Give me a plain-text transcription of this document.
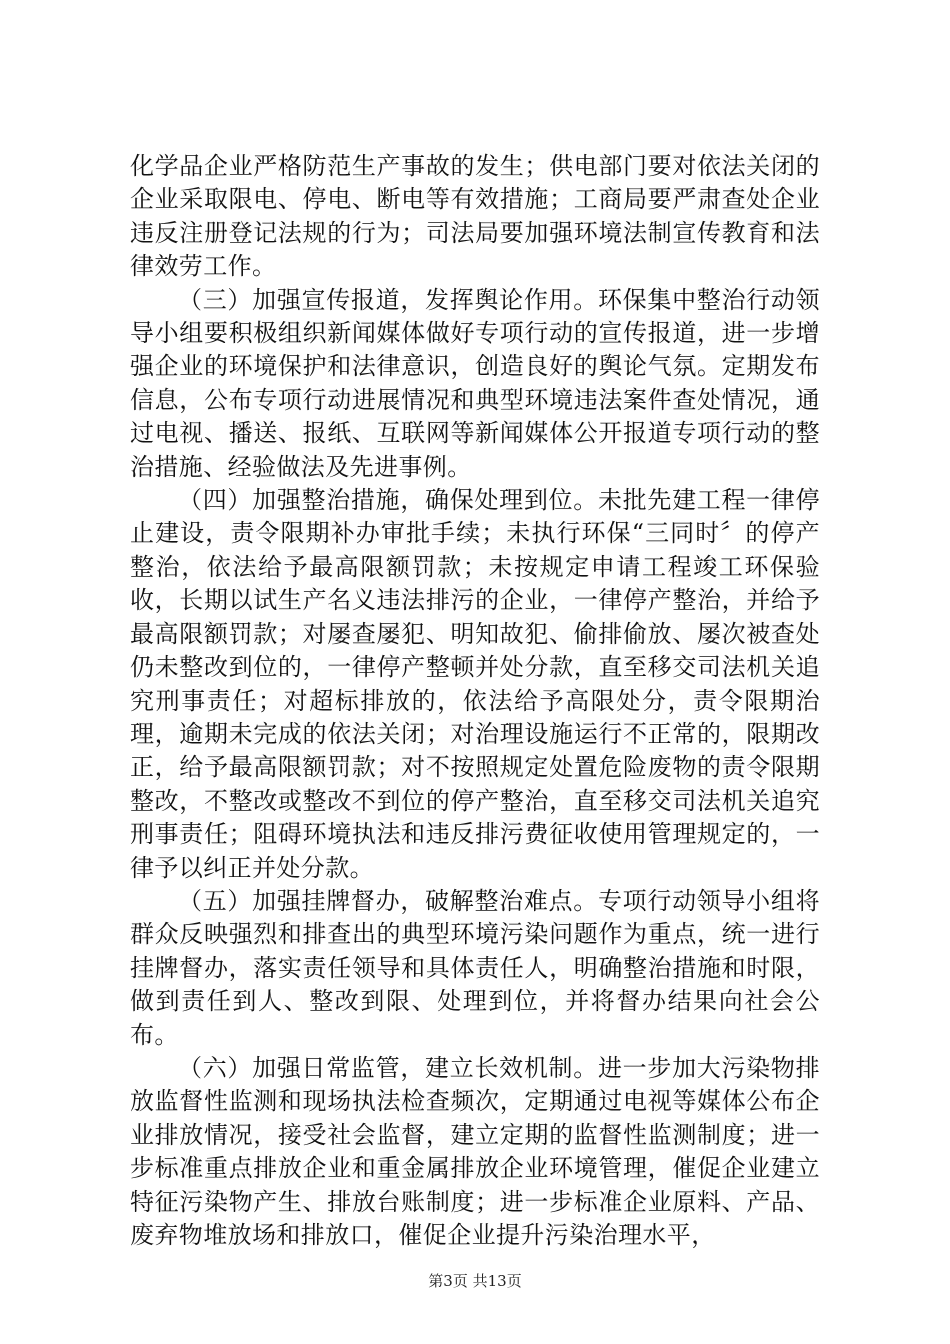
化学品企业严格防范生产事故的发生；供电部门要对依法关闭的企业采取限电、停电、断电等有效措施；工商局要严肃查处企业违反注册登记法规的行为；司法局要加强环境法制宣传教育和法律效劳工作。

（三）加强宣传报道，发挥舆论作用。环保集中整治行动领导小组要积极组织新闻媒体做好专项行动的宣传报道，进一步增强企业的环境保护和法律意识，创造良好的舆论气氛。定期发布信息，公布专项行动进展情况和典型环境违法案件查处情况，通过电视、播送、报纸、互联网等新闻媒体公开报道专项行动的整治措施、经验做法及先进事例。

（四）加强整治措施，确保处理到位。未批先建工程一律停止建设，责令限期补办审批手续；未执行环保“三同时〞的停产整治，依法给予最高限额罚款；未按规定申请工程竣工环保验收，长期以试生产名义违法排污的企业，一律停产整治，并给予最高限额罚款；对屡查屡犯、明知故犯、偷排偷放、屡次被查处仍未整改到位的，一律停产整顿并处分款，直至移交司法机关追究刑事责任；对超标排放的，依法给予高限处分，责令限期治理，逾期未完成的依法关闭；对治理设施运行不正常的，限期改正，给予最高限额罚款；对不按照规定处置危险废物的责令限期整改，不整改或整改不到位的停产整治，直至移交司法机关追究刑事责任；阻碍环境执法和违反排污费征收使用管理规定的，一律予以纠正并处分款。

（五）加强挂牌督办，破解整治难点。专项行动领导小组将群众反映强烈和排查出的典型环境污染问题作为重点，统一进行挂牌督办，落实责任领导和具体责任人，明确整治措施和时限，做到责任到人、整改到限、处理到位，并将督办结果向社会公布。

（六）加强日常监管，建立长效机制。进一步加大污染物排放监督性监测和现场执法检查频次，定期通过电视等媒体公布企业排放情况，接受社会监督，建立定期的监督性监测制度；进一步标准重点排放企业和重金属排放企业环境管理，催促企业建立特征污染物产生、排放台账制度；进一步标准企业原料、产品、废弃物堆放场和排放口，催促企业提升污染治理水平，

第3页 共13页
